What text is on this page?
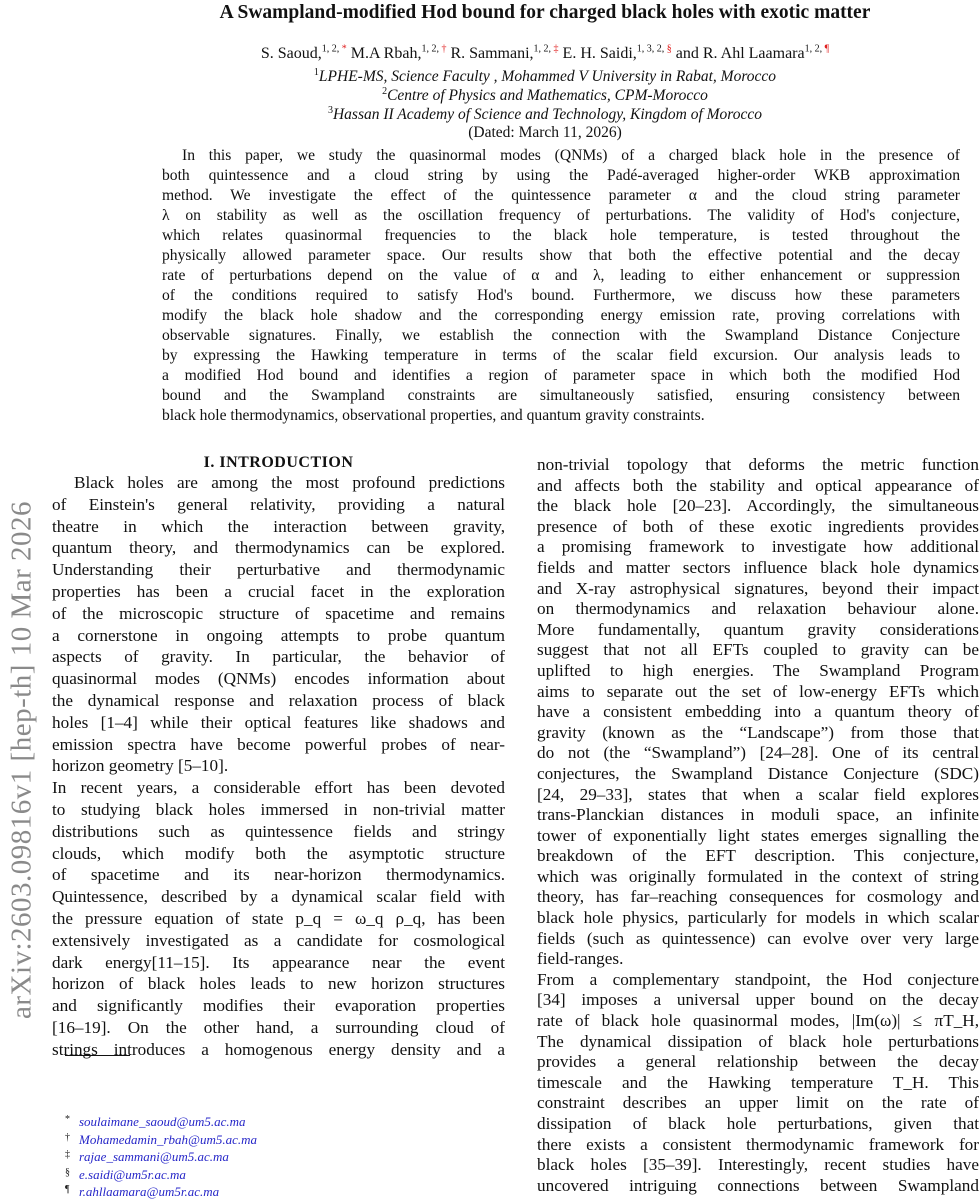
arXiv:2603.09816v1 [hep-th] 10 Mar 2026
A Swampland-modified Hod bound for charged black holes with exotic matter
S. Saoud,$^{1, 2, *}$ M.A Rbah,$^{1, 2, \dagger}$ R. Sammani,$^{1, 2, \ddagger}$ E. H. Saidi,$^{1, 3, 2, \S}$ and R. Ahl Laamara$^{1, 2, \P}$
$^1$LPHE-MS, Science Faculty , Mohammed V University in Rabat, Morocco
$^2$Centre of Physics and Mathematics, CPM-Morocco
$^3$Hassan II Academy of Science and Technology, Kingdom of Morocco
(Dated: March 11, 2026)
In this paper, we study the quasinormal modes (QNMs) of a charged black hole in the presence of
both quintessence and a cloud string by using the Padé-averaged higher-order WKB approximation
method. We investigate the effect of the quintessence parameter α and the cloud string parameter
λ on stability as well as the oscillation frequency of perturbations. The validity of Hod's conjecture,
which relates quasinormal frequencies to the black hole temperature, is tested throughout the
physically allowed parameter space. Our results show that both the effective potential and the decay
rate of perturbations depend on the value of α and λ, leading to either enhancement or suppression
of the conditions required to satisfy Hod's bound. Furthermore, we discuss how these parameters
modify the black hole shadow and the corresponding energy emission rate, proving correlations with
observable signatures. Finally, we establish the connection with the Swampland Distance Conjecture
by expressing the Hawking temperature in terms of the scalar field excursion. Our analysis leads to
a modified Hod bound and identifies a region of parameter space in which both the modified Hod
bound and the Swampland constraints are simultaneously satisfied, ensuring consistency between
black hole thermodynamics, observational properties, and quantum gravity constraints.
I. INTRODUCTION
Black holes are among the most profound predictions
of Einstein's general relativity, providing a natural
theatre in which the interaction between gravity,
quantum theory, and thermodynamics can be explored.
Understanding their perturbative and thermodynamic
properties has been a crucial facet in the exploration
of the microscopic structure of spacetime and remains
a cornerstone in ongoing attempts to probe quantum
aspects of gravity. In particular, the behavior of
quasinormal modes (QNMs) encodes information about
the dynamical response and relaxation process of black
holes [1–4] while their optical features like shadows and
emission spectra have become powerful probes of near-
horizon geometry [5–10].
In recent years, a considerable effort has been devoted
to studying black holes immersed in non-trivial matter
distributions such as quintessence fields and stringy
clouds, which modify both the asymptotic structure
of spacetime and its near-horizon thermodynamics.
Quintessence, described by a dynamical scalar field with
the pressure equation of state p_q = ω_q ρ_q, has been
extensively investigated as a candidate for cosmological
dark energy[11–15]. Its appearance near the event
horizon of black holes leads to new horizon structures
and significantly modifies their evaporation properties
[16–19]. On the other hand, a surrounding cloud of
strings introduces a homogenous energy density and a
non-trivial topology that deforms the metric function
and affects both the stability and optical appearance of
the black hole [20–23]. Accordingly, the simultaneous
presence of both of these exotic ingredients provides
a promising framework to investigate how additional
fields and matter sectors influence black hole dynamics
and X-ray astrophysical signatures, beyond their impact
on thermodynamics and relaxation behaviour alone.
More fundamentally, quantum gravity considerations
suggest that not all EFTs coupled to gravity can be
uplifted to high energies. The Swampland Program
aims to separate out the set of low-energy EFTs which
have a consistent embedding into a quantum theory of
gravity (known as the “Landscape”) from those that
do not (the “Swampland”) [24–28]. One of its central
conjectures, the Swampland Distance Conjecture (SDC)
[24, 29–33], states that when a scalar field explores
trans-Planckian distances in moduli space, an infinite
tower of exponentially light states emerges signalling the
breakdown of the EFT description. This conjecture,
which was originally formulated in the context of string
theory, has far–reaching consequences for cosmology and
black hole physics, particularly for models in which scalar
fields (such as quintessence) can evolve over very large
field-ranges.
From a complementary standpoint, the Hod conjecture
[34] imposes a universal upper bound on the decay
rate of black hole quasinormal modes, |Im(ω)| ≤ πT_H,
The dynamical dissipation of black hole perturbations
provides a general relationship between the decay
timescale and the Hawking temperature T_H. This
constraint describes an upper limit on the rate of
dissipation of black hole perturbations, given that
there exists a consistent thermodynamic framework for
black holes [35–39]. Interestingly, recent studies have
uncovered intriguing connections between Swampland
* soulaimane_saoud@um5.ac.ma
† Mohamedamin_rbah@um5.ac.ma
‡ rajae_sammani@um5.ac.ma
§ e.saidi@um5r.ac.ma
¶ r.ahllaamara@um5r.ac.ma
